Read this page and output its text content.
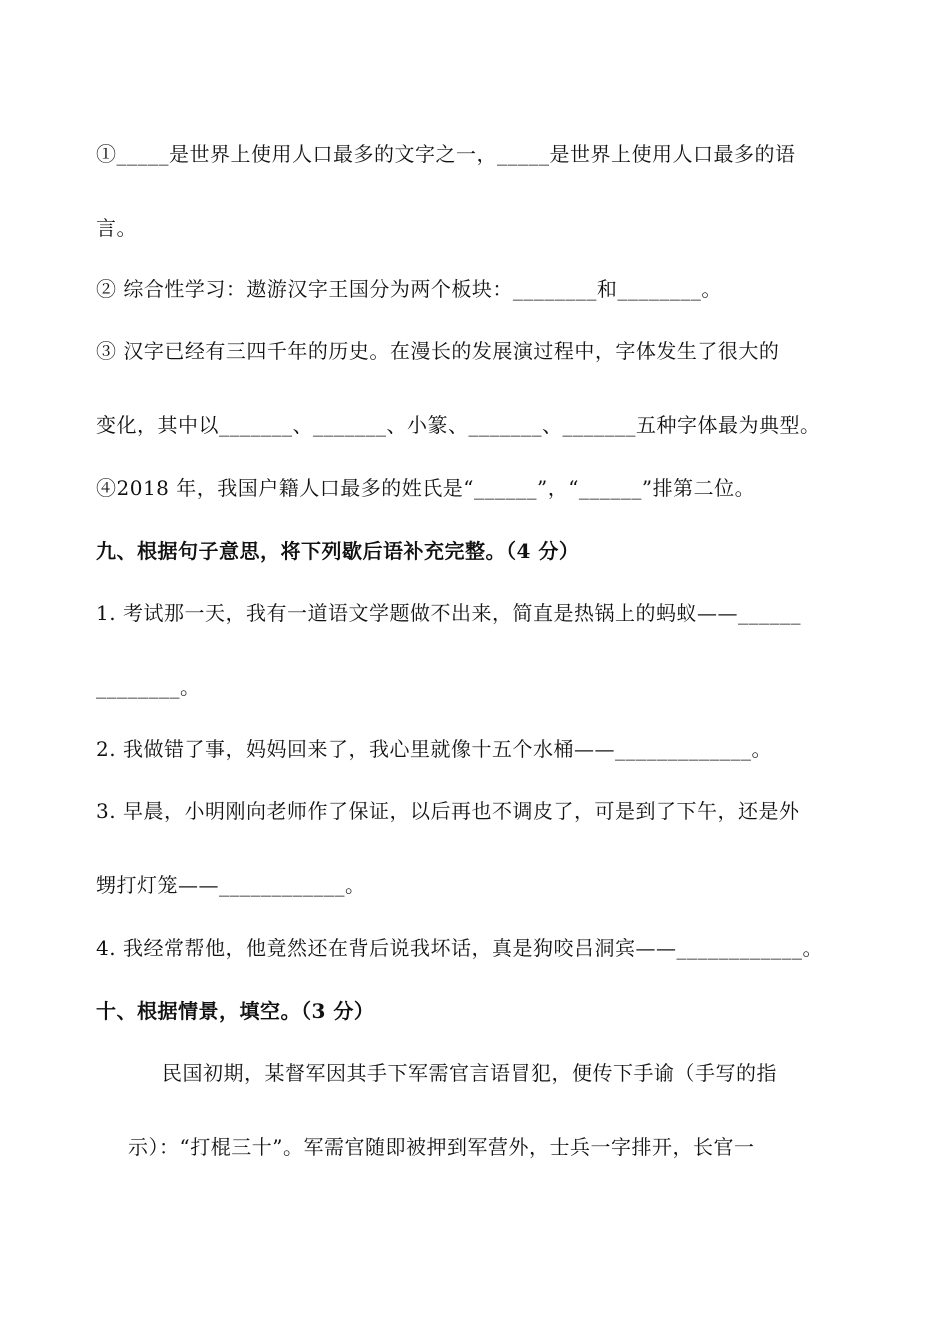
①_____是世界上使用人口最多的文字之一，_____是世界上使用人口最多的语
言。
② 综合性学习：遨游汉字王国分为两个板块：________和________。
③ 汉字已经有三四千年的历史。在漫长的发展演过程中，字体发生了很大的
变化，其中以_______、_______、小篆、_______、_______五种字体最为典型。
④2018 年，我国户籍人口最多的姓氏是“______”，“______”排第二位。
九、根据句子意思，将下列歇后语补充完整。（4 分）
1. 考试那一天，我有一道语文学题做不出来，简直是热锅上的蚂蚁——______
________。
2. 我做错了事，妈妈回来了，我心里就像十五个水桶——_____________。
3. 早晨，小明刚向老师作了保证，以后再也不调皮了，可是到了下午，还是外
甥打灯笼——____________。
4. 我经常帮他，他竟然还在背后说我坏话，真是狗咬吕洞宾——____________。
十、根据情景，填空。（3 分）
民国初期，某督军因其手下军需官言语冒犯，便传下手谕（手写的指
示）：“打棍三十”。军需官随即被押到军营外，士兵一字排开，长官一
